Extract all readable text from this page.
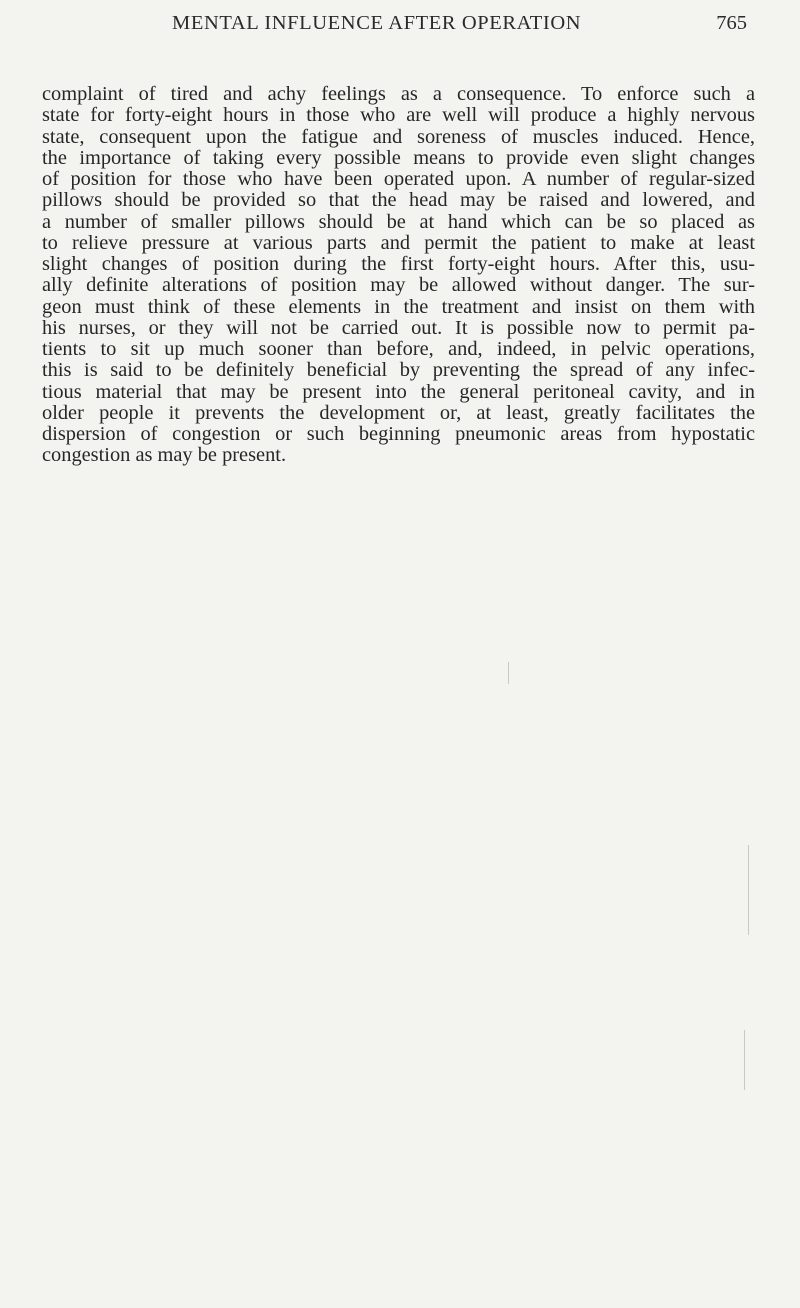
MENTAL INFLUENCE AFTER OPERATION	765
complaint of tired and achy feelings as a consequence. To enforce such a
state for forty-eight hours in those who are well will produce a highly nervous
state, consequent upon the fatigue and soreness of muscles induced. Hence,
the importance of taking every possible means to provide even slight changes
of position for those who have been operated upon. A number of regular-sized
pillows should be provided so that the head may be raised and lowered, and
a number of smaller pillows should be at hand which can be so placed as
to relieve pressure at various parts and permit the patient to make at least
slight changes of position during the first forty-eight hours. After this, usu-
ally definite alterations of position may be allowed without danger. The sur-
geon must think of these elements in the treatment and insist on them with
his nurses, or they will not be carried out. It is possible now to permit pa-
tients to sit up much sooner than before, and, indeed, in pelvic operations,
this is said to be definitely beneficial by preventing the spread of any infec-
tious material that may be present into the general peritoneal cavity, and in
older people it prevents the development or, at least, greatly facilitates the
dispersion of congestion or such beginning pneumonic areas from hypostatic
congestion as may be present.
